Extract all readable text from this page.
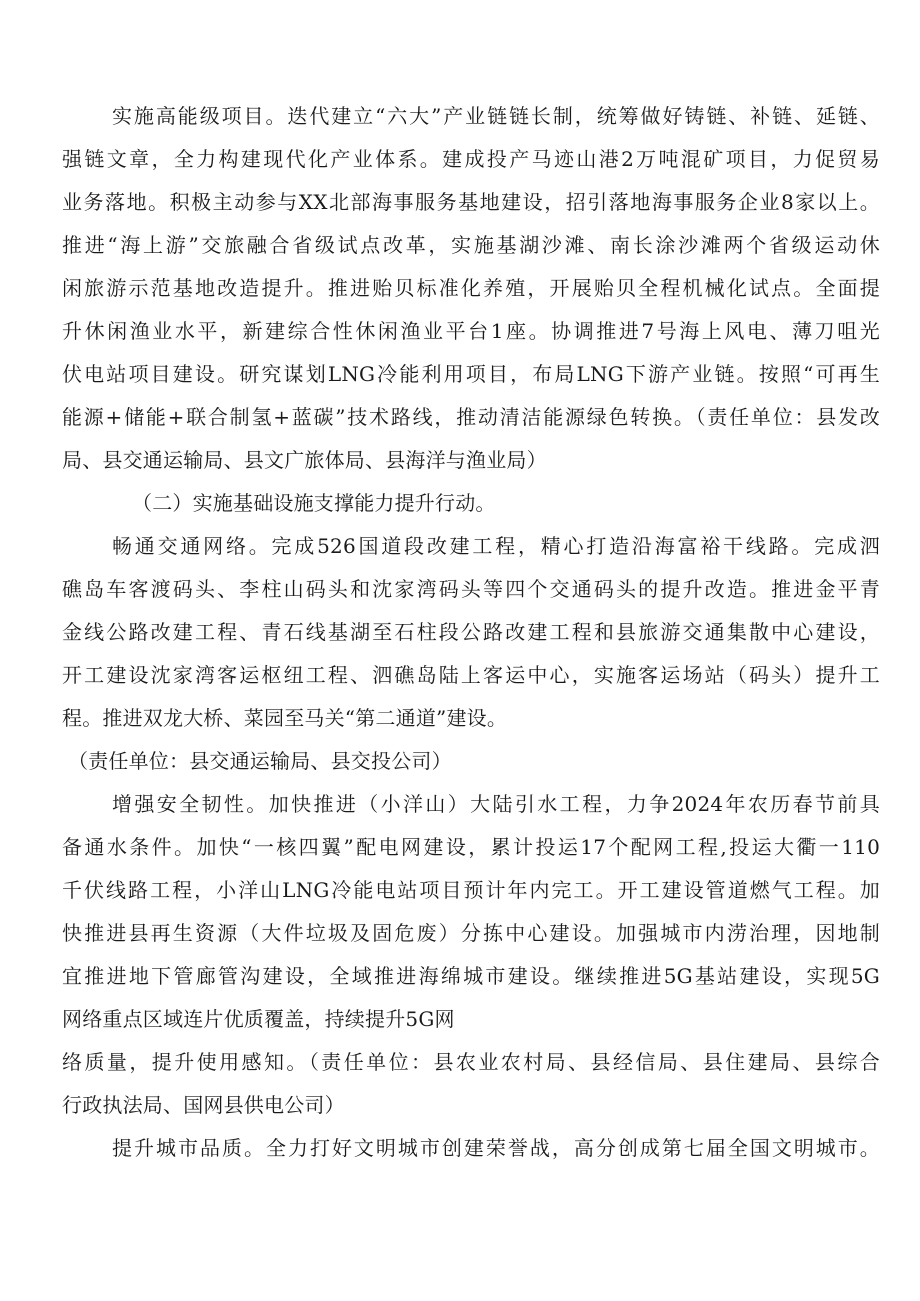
实施高能级项目。迭代建立“六大”产业链链长制，统筹做好铸链、补链、延链、
强链文章，全力构建现代化产业体系。建成投产马迹山港2万吨混矿项目，力促贸易
业务落地。积极主动参与XX北部海事服务基地建设，招引落地海事服务企业8家以上。
推进“海上游”交旅融合省级试点改革，实施基湖沙滩、南长涂沙滩两个省级运动休
闲旅游示范基地改造提升。推进贻贝标准化养殖，开展贻贝全程机械化试点。全面提
升休闲渔业水平，新建综合性休闲渔业平台1座。协调推进7号海上风电、薄刀咀光
伏电站项目建设。研究谋划LNG冷能利用项目，布局LNG下游产业链。按照“可再生
能源+储能+联合制氢+蓝碳”技术路线，推动清洁能源绿色转换。（责任单位：县发改
局、县交通运输局、县文广旅体局、县海洋与渔业局）
（二）实施基础设施支撑能力提升行动。
畅通交通网络。完成526国道段改建工程，精心打造沿海富裕干线路。完成泗
礁岛车客渡码头、李柱山码头和沈家湾码头等四个交通码头的提升改造。推进金平青
金线公路改建工程、青石线基湖至石柱段公路改建工程和县旅游交通集散中心建设，
开工建设沈家湾客运枢纽工程、泗礁岛陆上客运中心，实施客运场站（码头）提升工
程。推进双龙大桥、菜园至马关“第二通道”建设。
（责任单位：县交通运输局、县交投公司）
增强安全韧性。加快推进（小洋山）大陆引水工程，力争2024年农历春节前具
备通水条件。加快“一核四翼”配电网建设，累计投运17个配网工程,投运大衢一110
千伏线路工程，小洋山LNG冷能电站项目预计年内完工。开工建设管道燃气工程。加
快推进县再生资源（大件垃圾及固危废）分拣中心建设。加强城市内涝治理，因地制
宜推进地下管廊管沟建设，全域推进海绵城市建设。继续推进5G基站建设，实现5G
网络重点区域连片优质覆盖，持续提升5G网
络质量，提升使用感知。（责任单位：县农业农村局、县经信局、县住建局、县综合
行政执法局、国网县供电公司）
提升城市品质。全力打好文明城市创建荣誉战，高分创成第七届全国文明城市。
